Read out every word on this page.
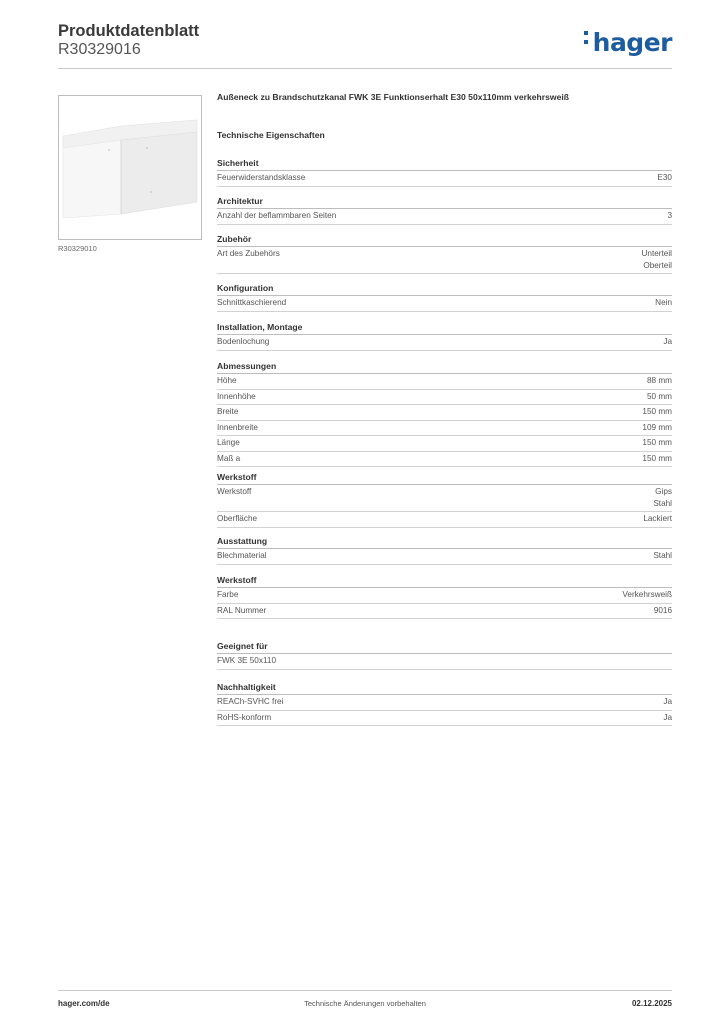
Produktdatenblatt
R30329016	hager
R30329010
Außeneck zu Brandschutzkanal FWK 3E Funktionserhalt E30 50x110mm verkehrsweiß
Technische Eigenschaften
Sicherheit
Feuerwiderstandsklasse	E30
Architektur
Anzahl der beflammbaren Seiten	3
Zubehör
Art des Zubehörs	Unterteil
Oberteil
Konfiguration
Schnittkaschierend	Nein
Installation, Montage
Bodenlochung	Ja
Abmessungen
Höhe	88 mm
Innenhöhe	50 mm
Breite	150 mm
Innenbreite	109 mm
Länge	150 mm
Maß a	150 mm
Werkstoff
Werkstoff	Gips
Stahl
Oberfläche	Lackiert
Ausstattung
Blechmaterial	Stahl
Werkstoff
Farbe	Verkehrsweiß
RAL Nummer	9016
Geeignet für
FWK 3E 50x110
Nachhaltigkeit
REACh-SVHC frei	Ja
RoHS-konform	Ja
hager.com/de	Technische Änderungen vorbehalten	02.12.2025
